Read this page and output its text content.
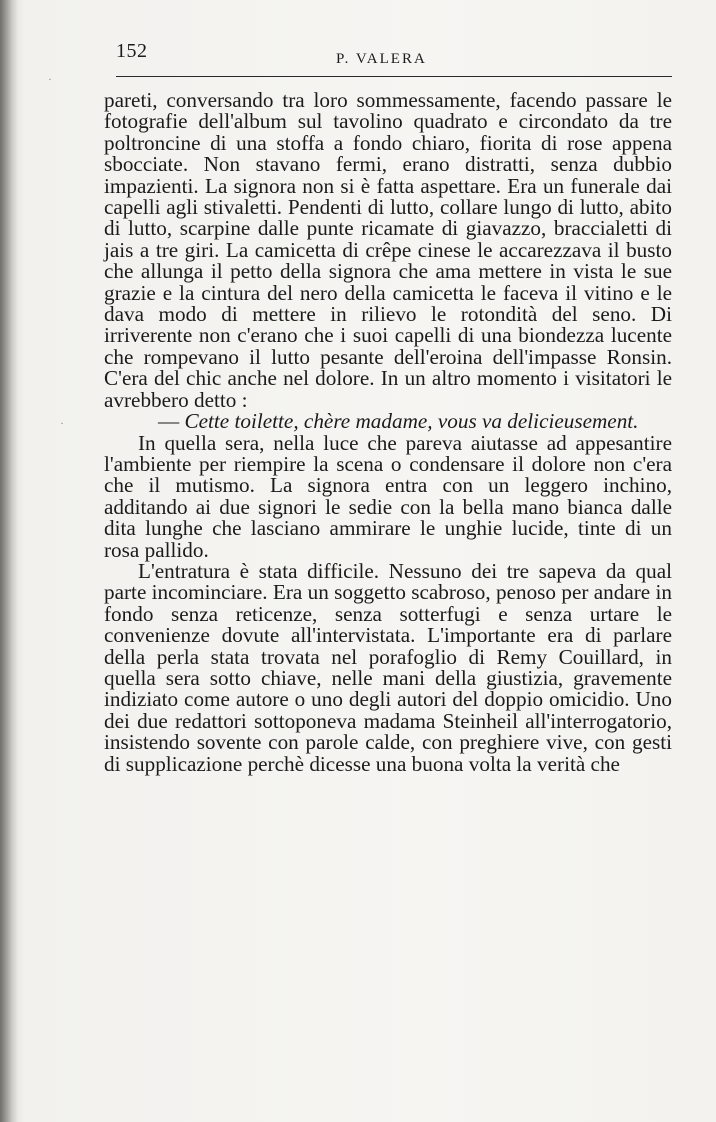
152	P. VALERA

pareti, conversando tra loro sommessamente, facendo passare le fotografie dell'album sul tavolino quadrato e circondato da tre poltroncine di una stoffa a fondo chiaro, fiorita di rose appena sbocciate. Non stavano fermi, erano distratti, senza dubbio impazienti. La signora non si è fatta aspettare. Era un funerale dai capelli agli stivaletti. Pendenti di lutto, collare lungo di lutto, abito di lutto, scarpine dalle punte ricamate di giavazzo, braccialetti di jais a tre giri. La camicetta di crêpe cinese le accarezzava il busto che allunga il petto della signora che ama mettere in vista le sue grazie e la cintura del nero della camicetta le faceva il vitino e le dava modo di mettere in rilievo le rotondità del seno. Di irriverente non c'erano che i suoi capelli di una biondezza lucente che rompevano il lutto pesante dell'eroina dell'impasse Ronsin. C'era del chic anche nel dolore. In un altro momento i visitatori le avrebbero detto :

— Cette toilette, chère madame, vous va delicieusement.

In quella sera, nella luce che pareva aiutasse ad appesantire l'ambiente per riempire la scena o condensare il dolore non c'era che il mutismo. La signora entra con un leggero inchino, additando ai due signori le sedie con la bella mano bianca dalle dita lunghe che lasciano ammirare le unghie lucide, tinte di un rosa pallido.

L'entratura è stata difficile. Nessuno dei tre sapeva da qual parte incominciare. Era un soggetto scabroso, penoso per andare in fondo senza reticenze, senza sotterfugi e senza urtare le convenienze dovute all'intervistata. L'importante era di parlare della perla stata trovata nel porafoglio di Remy Couillard, in quella sera sotto chiave, nelle mani della giustizia, gravemente indiziato come autore o uno degli autori del doppio omicidio. Uno dei due redattori sottoponeva madama Steinheil all'interrogatorio, insistendo sovente con parole calde, con preghiere vive, con gesti di supplicazione perchè dicesse una buona volta la verità che

·
·
